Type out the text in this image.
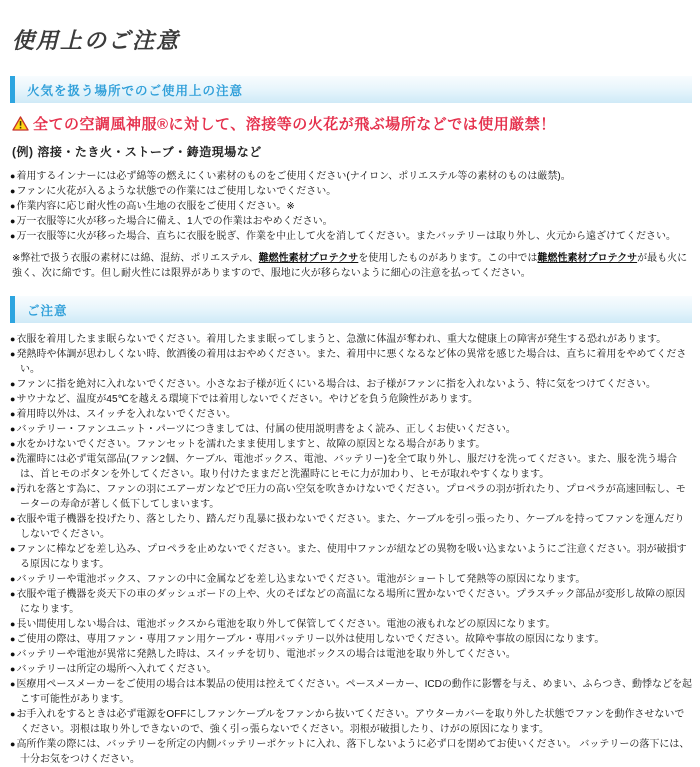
使用上のご注意
火気を扱う場所でのご使用上の注意
全ての空調風神服®に対して、溶接等の火花が飛ぶ場所などでは使用厳禁！
(例) 溶接・たき火・ストーブ・鋳造現場など
● 着用するインナーには必ず綿等の燃えにくい素材のものをご使用ください(ナイロン、ポリエステル等の素材のものは厳禁)。
● ファンに火花が入るような状態での作業にはご使用しないでください。
● 作業内容に応じ耐火性の高い生地の衣服をご使用ください。※
● 万一衣服等に火が移った場合に備え、1人での作業はおやめください。
● 万一衣服等に火が移った場合、直ちに衣服を脱ぎ、作業を中止して火を消してください。またバッテリーは取り外し、火元から遠ざけてください。

※弊社で扱う衣服の素材には綿、混紡、ポリエステル、難燃性素材プロテクサを使用したものがあります。この中では難燃性素材プロテクサが最も火に強く、次に綿です。但し耐火性には限界がありますので、服地に火が移らないように細心の注意を払ってください。

ご注意
● 衣服を着用したまま眠らないでください。着用したまま眠ってしまうと、急激に体温が奪われ、重大な健康上の障害が発生する恐れがあります。
● 発熱時や体調が思わしくない時、飲酒後の着用はおやめください。また、着用中に悪くなるなど体の異常を感じた場合は、直ちに着用をやめてください。
● ファンに指を絶対に入れないでください。小さなお子様が近くにいる場合は、お子様がファンに指を入れないよう、特に気をつけてください。
● サウナなど、温度が45℃を越える環境下では着用しないでください。やけどを負う危険性があります。
● 着用時以外は、スイッチを入れないでください。
● バッテリー・ファンユニット・パーツにつきましては、付属の使用説明書をよく読み、正しくお使いください。
● 水をかけないでください。ファンセットを濡れたまま使用しますと、故障の原因となる場合があります。
● 洗濯時には必ず電気部品(ファン2個、ケーブル、電池ボックス、電池、バッテリー)を全て取り外し、服だけを洗ってください。また、服を洗う場合は、首ヒモのボタンを外してください。取り付けたままだと洗濯時にヒモに力が加わり、ヒモが取れやすくなります。
● 汚れを落とす為に、ファンの羽にエアーガンなどで圧力の高い空気を吹きかけないでください。プロペラの羽が折れたり、プロペラが高速回転し、モーターの寿命が著しく低下してしまいます。
● 衣服や電子機器を投げたり、落としたり、踏んだり乱暴に扱わないでください。また、ケーブルを引っ張ったり、ケーブルを持ってファンを運んだりしないでください。
● ファンに棒などを差し込み、プロペラを止めないでください。また、使用中ファンが紐などの異物を吸い込まないようにご注意ください。羽が破損する原因になります。
● バッテリーや電池ボックス、ファンの中に金属などを差し込まないでください。電池がショートして発熱等の原因になります。
● 衣服や電子機器を炎天下の車のダッシュボードの上や、火のそばなどの高温になる場所に置かないでください。プラスチック部品が変形し故障の原因になります。
● 長い間使用しない場合は、電池ボックスから電池を取り外して保管してください。電池の液もれなどの原因になります。
● ご使用の際は、専用ファン・専用ファン用ケーブル・専用バッテリー以外は使用しないでください。故障や事故の原因になります。
● バッテリーや電池が異常に発熱した時は、スイッチを切り、電池ボックスの場合は電池を取り外してください。
● バッテリーは所定の場所へ入れてください。
● 医療用ペースメーカーをご使用の場合は本製品の使用は控えてください。ペースメーカー、ICDの動作に影響を与え、めまい、ふらつき、動悸などを起こす可能性があります。
● お手入れをするときは必ず電源をOFFにしファンケーブルをファンから抜いてください。アウターカバーを取り外した状態でファンを動作させないでください。羽根は取り外しできないので、強く引っ張らないでください。羽根が破損したり、けがの原因になります。
● 高所作業の際には、バッテリーを所定の内側バッテリーポケットに入れ、落下しないように必ず口を閉めてお使いください。 バッテリーの落下には、十分お気をつけください。
